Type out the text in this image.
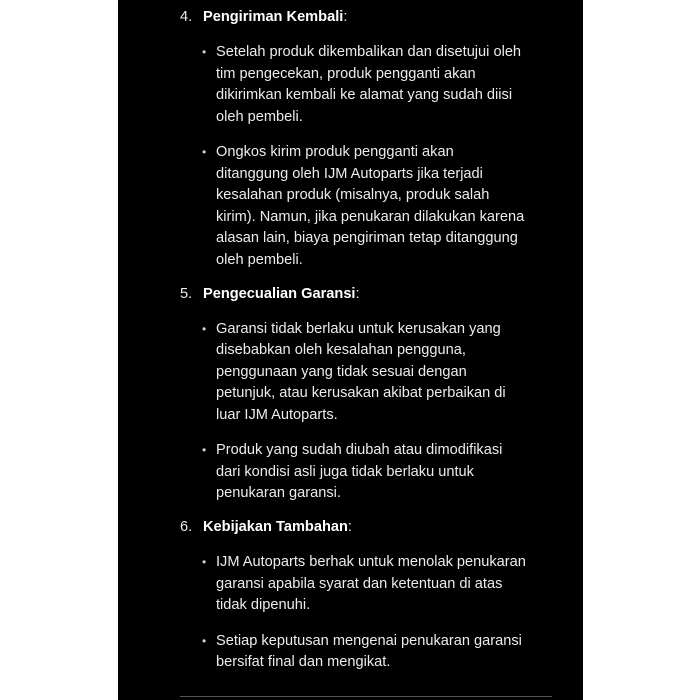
4. Pengiriman Kembali:
• Setelah produk dikembalikan dan disetujui oleh
tim pengecekan, produk pengganti akan
dikirimkan kembali ke alamat yang sudah diisi
oleh pembeli.
• Ongkos kirim produk pengganti akan
ditanggung oleh IJM Autoparts jika terjadi
kesalahan produk (misalnya, produk salah
kirim). Namun, jika penukaran dilakukan karena
alasan lain, biaya pengiriman tetap ditanggung
oleh pembeli.
5. Pengecualian Garansi:
• Garansi tidak berlaku untuk kerusakan yang
disebabkan oleh kesalahan pengguna,
penggunaan yang tidak sesuai dengan
petunjuk, atau kerusakan akibat perbaikan di
luar IJM Autoparts.
• Produk yang sudah diubah atau dimodifikasi
dari kondisi asli juga tidak berlaku untuk
penukaran garansi.
6. Kebijakan Tambahan:
• IJM Autoparts berhak untuk menolak penukaran
garansi apabila syarat dan ketentuan di atas
tidak dipenuhi.
• Setiap keputusan mengenai penukaran garansi
bersifat final dan mengikat.
